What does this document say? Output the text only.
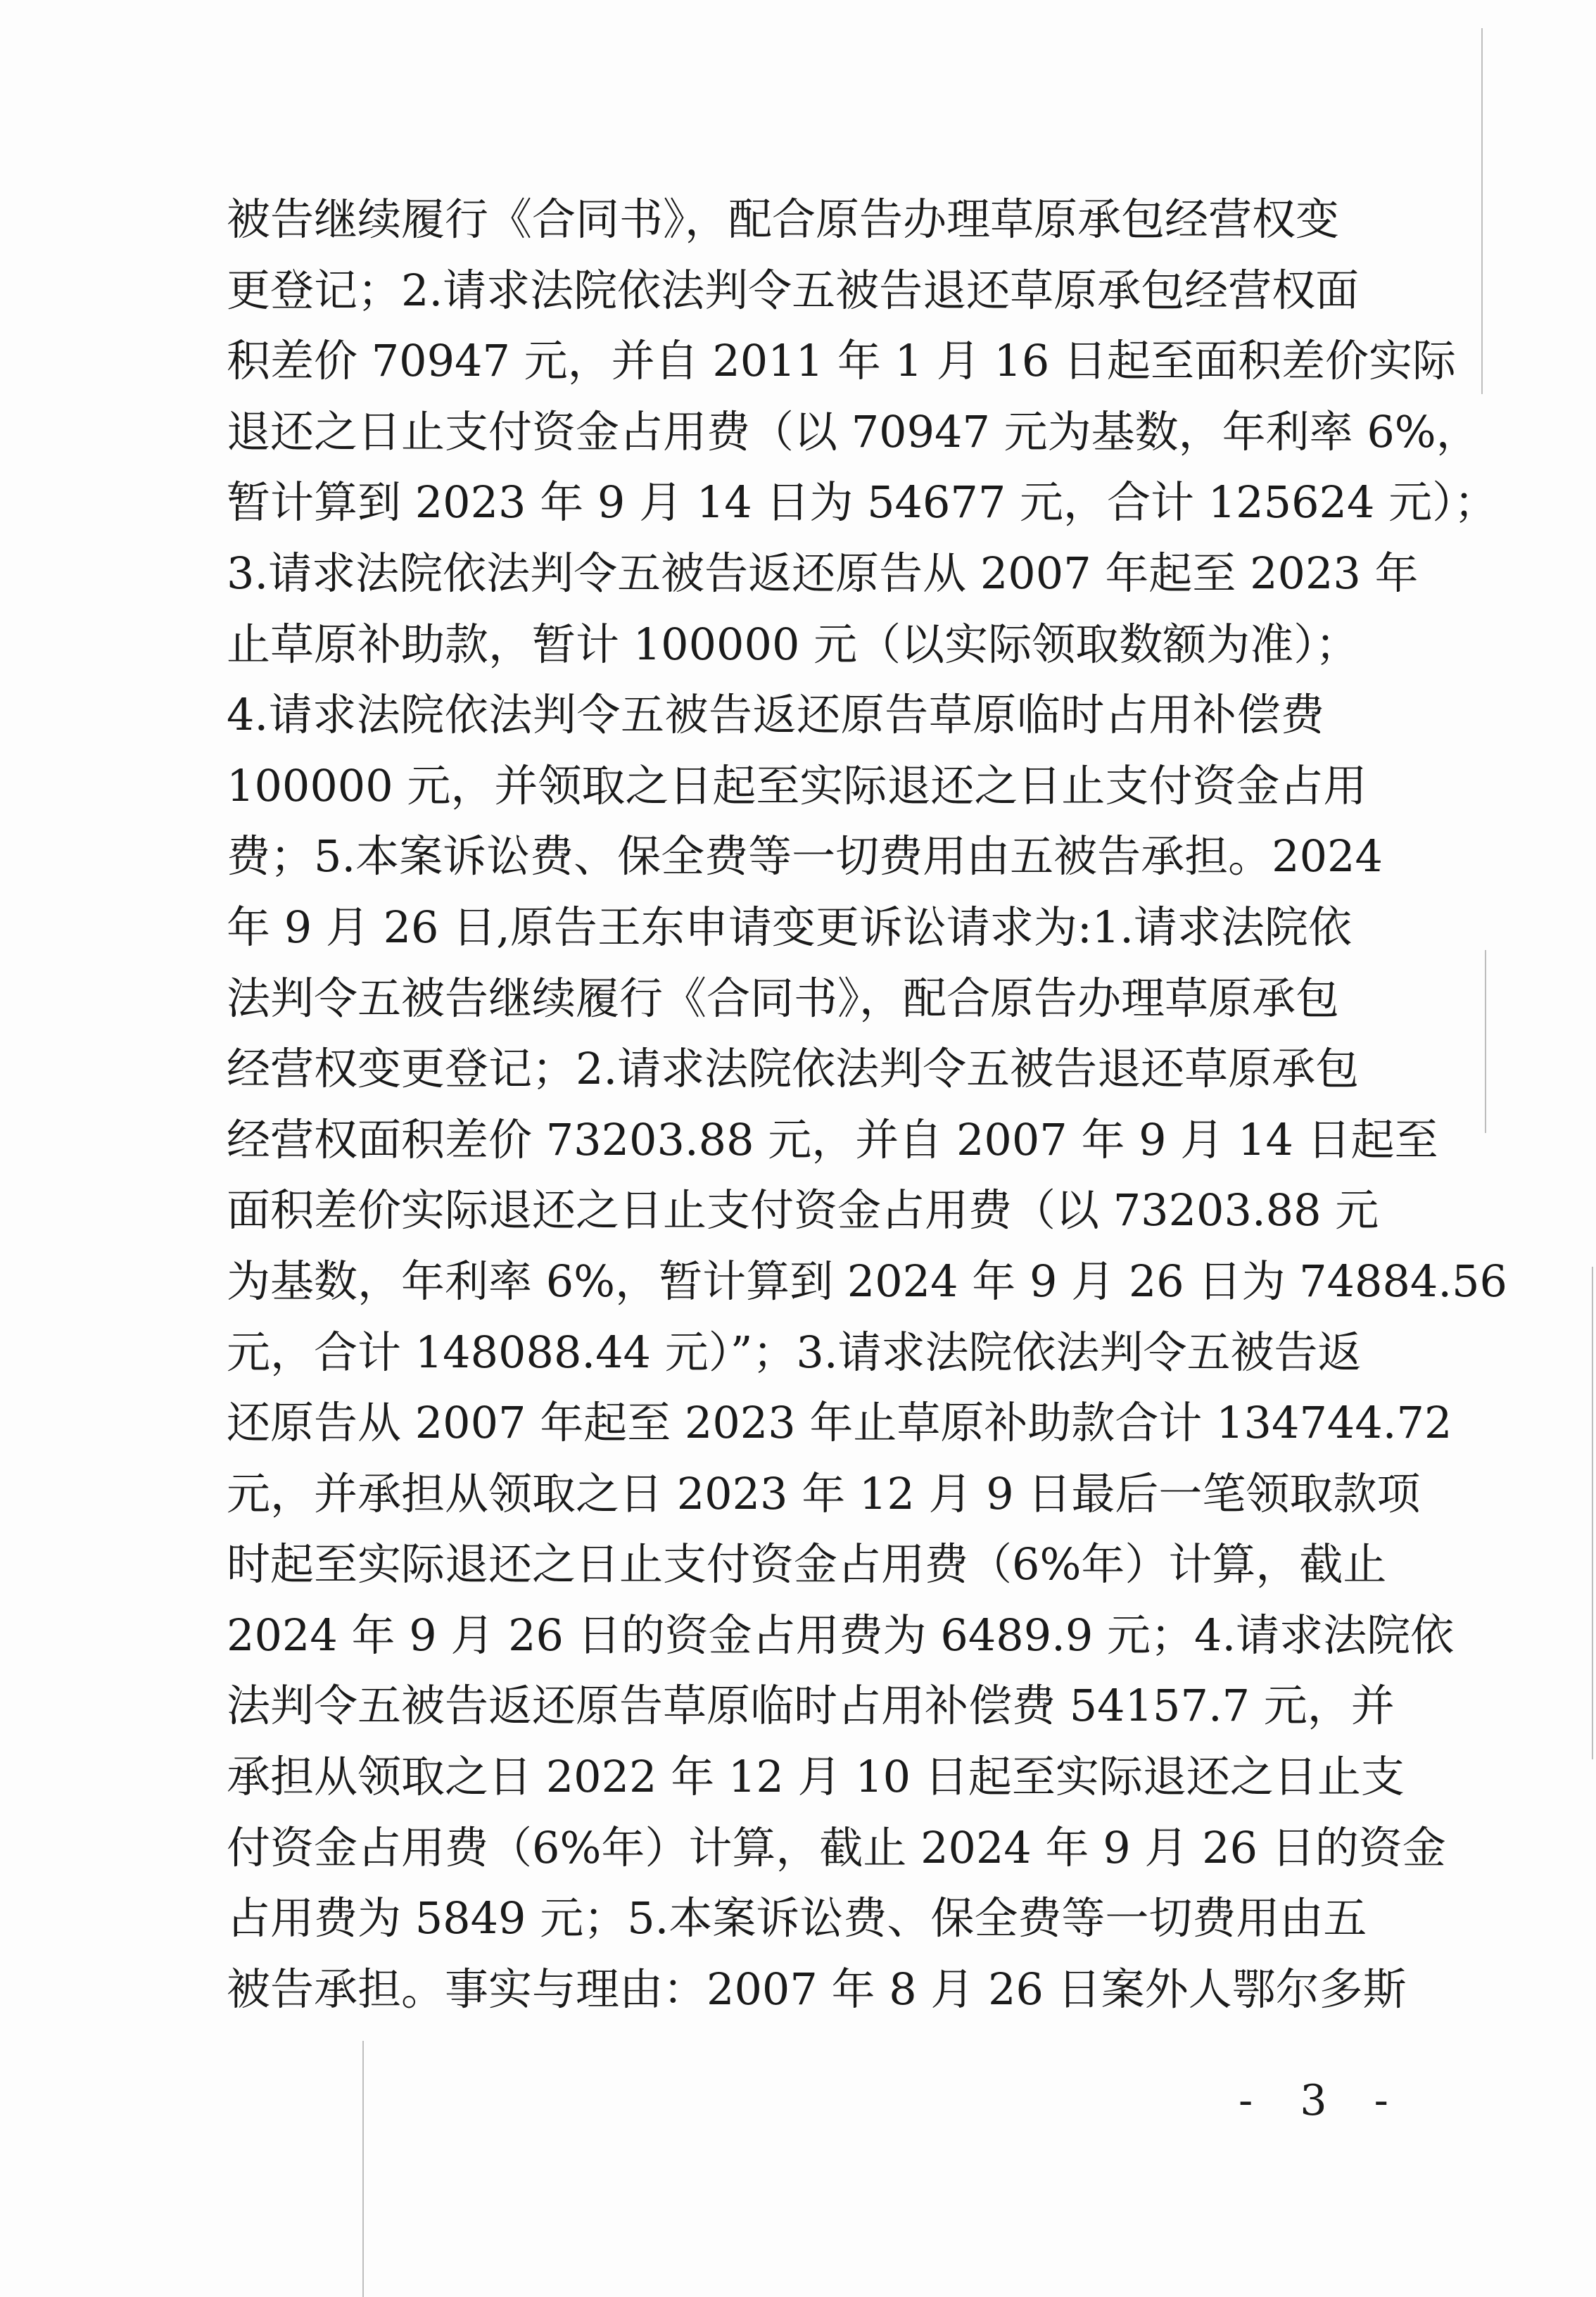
被告继续履行《合同书》，配合原告办理草原承包经营权变
更登记；2.请求法院依法判令五被告退还草原承包经营权面
积差价 70947 元，并自 2011 年 1 月 16 日起至面积差价实际
退还之日止支付资金占用费（以 70947 元为基数，年利率 6%，
暂计算到 2023 年 9 月 14 日为 54677 元，合计 125624 元）；
3.请求法院依法判令五被告返还原告从 2007 年起至 2023 年
止草原补助款，暂计 100000 元（以实际领取数额为准）；
4.请求法院依法判令五被告返还原告草原临时占用补偿费
100000 元，并领取之日起至实际退还之日止支付资金占用
费；5.本案诉讼费、保全费等一切费用由五被告承担。2024
年 9 月 26 日,原告王东申请变更诉讼请求为:1.请求法院依
法判令五被告继续履行《合同书》，配合原告办理草原承包
经营权变更登记；2.请求法院依法判令五被告退还草原承包
经营权面积差价 73203.88 元，并自 2007 年 9 月 14 日起至
面积差价实际退还之日止支付资金占用费（以 73203.88 元
为基数，年利率 6%，暂计算到 2024 年 9 月 26 日为 74884.56
元，合计 148088.44 元）”；3.请求法院依法判令五被告返
还原告从 2007 年起至 2023 年止草原补助款合计 134744.72
元，并承担从领取之日 2023 年 12 月 9 日最后一笔领取款项
时起至实际退还之日止支付资金占用费（6%年）计算，截止
2024 年 9 月 26 日的资金占用费为 6489.9 元；4.请求法院依
法判令五被告返还原告草原临时占用补偿费 54157.7 元，并
承担从领取之日 2022 年 12 月 10 日起至实际退还之日止支
付资金占用费（6%年）计算，截止 2024 年 9 月 26 日的资金
占用费为 5849 元；5.本案诉讼费、保全费等一切费用由五
被告承担。事实与理由：2007 年 8 月 26 日案外人鄂尔多斯
- 3 -
